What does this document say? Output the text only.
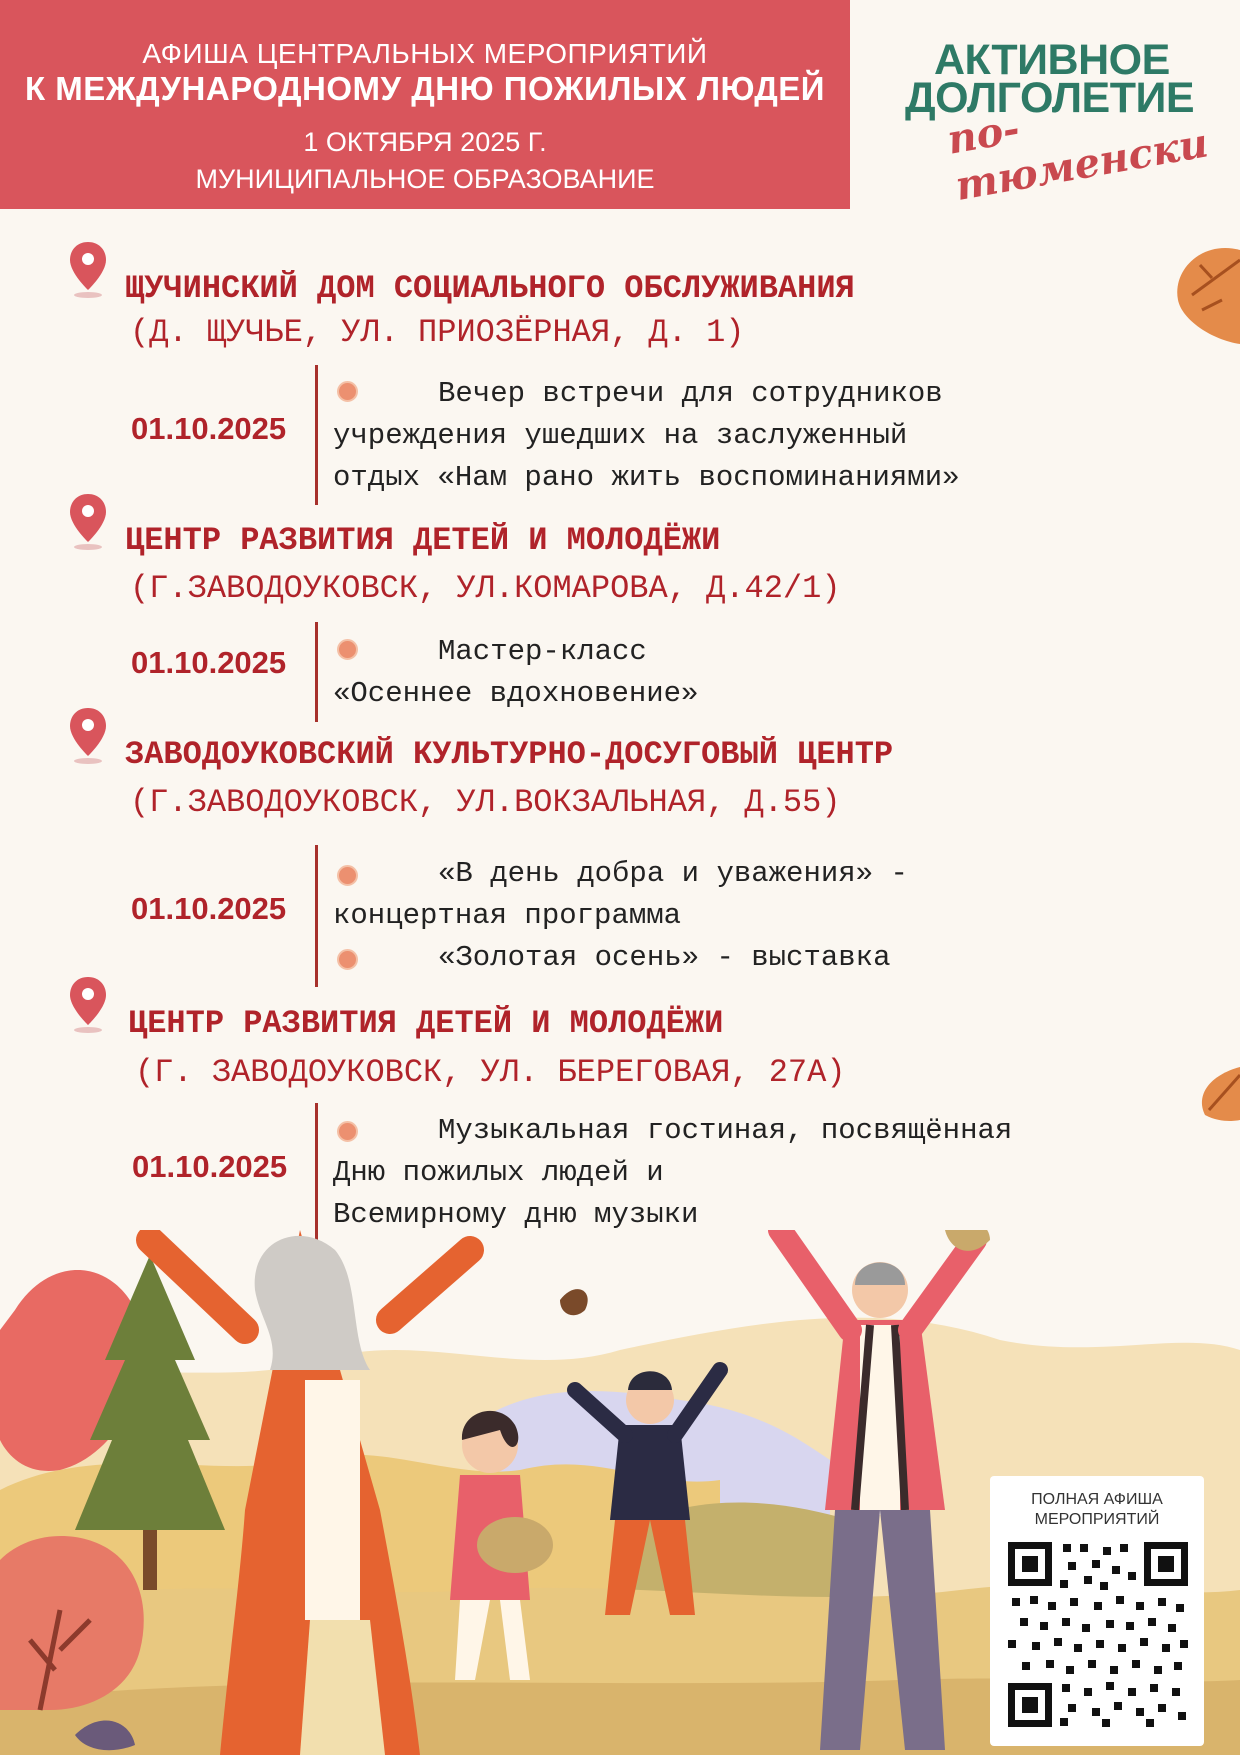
АФИША ЦЕНТРАЛЬНЫХ МЕРОПРИЯТИЙ
К МЕЖДУНАРОДНОМУ ДНЮ ПОЖИЛЫХ ЛЮДЕЙ
1 ОКТЯБРЯ 2025 Г.
МУНИЦИПАЛЬНОЕ ОБРАЗОВАНИЕ
АКТИВНОЕ
ДОЛГОЛЕТИЕ
по-тюменски
ЩУЧИНСКИЙ ДОМ СОЦИАЛЬНОГО ОБСЛУЖИВАНИЯ
(Д. ЩУЧЬЕ, УЛ. ПРИОЗЁРНАЯ, Д. 1)
01.10.2025
Вечер встречи для сотрудников
учреждения ушедших на заслуженный
отдых «Нам рано жить воспоминаниями»
ЦЕНТР РАЗВИТИЯ ДЕТЕЙ И МОЛОДЁЖИ
(Г.ЗАВОДОУКОВСК, УЛ.КОМАРОВА, Д.42/1)
01.10.2025	Мастер-класс
«Осеннее вдохновение»
ЗАВОДОУКОВСКИЙ КУЛЬТУРНО-ДОСУГОВЫЙ ЦЕНТР
(Г.ЗАВОДОУКОВСК, УЛ.ВОКЗАЛЬНАЯ, Д.55)
01.10.2025
«В день добра и уважения» -
концертная программа
«Золотая осень» - выставка
ЦЕНТР РАЗВИТИЯ ДЕТЕЙ И МОЛОДЁЖИ
(Г. ЗАВОДОУКОВСК, УЛ. БЕРЕГОВАЯ, 27А)
01.10.2025
Музыкальная гостиная, посвящённая
Дню пожилых людей и
Всемирному дню музыки
ПОЛНАЯ АФИША
МЕРОПРИЯТИЙ
